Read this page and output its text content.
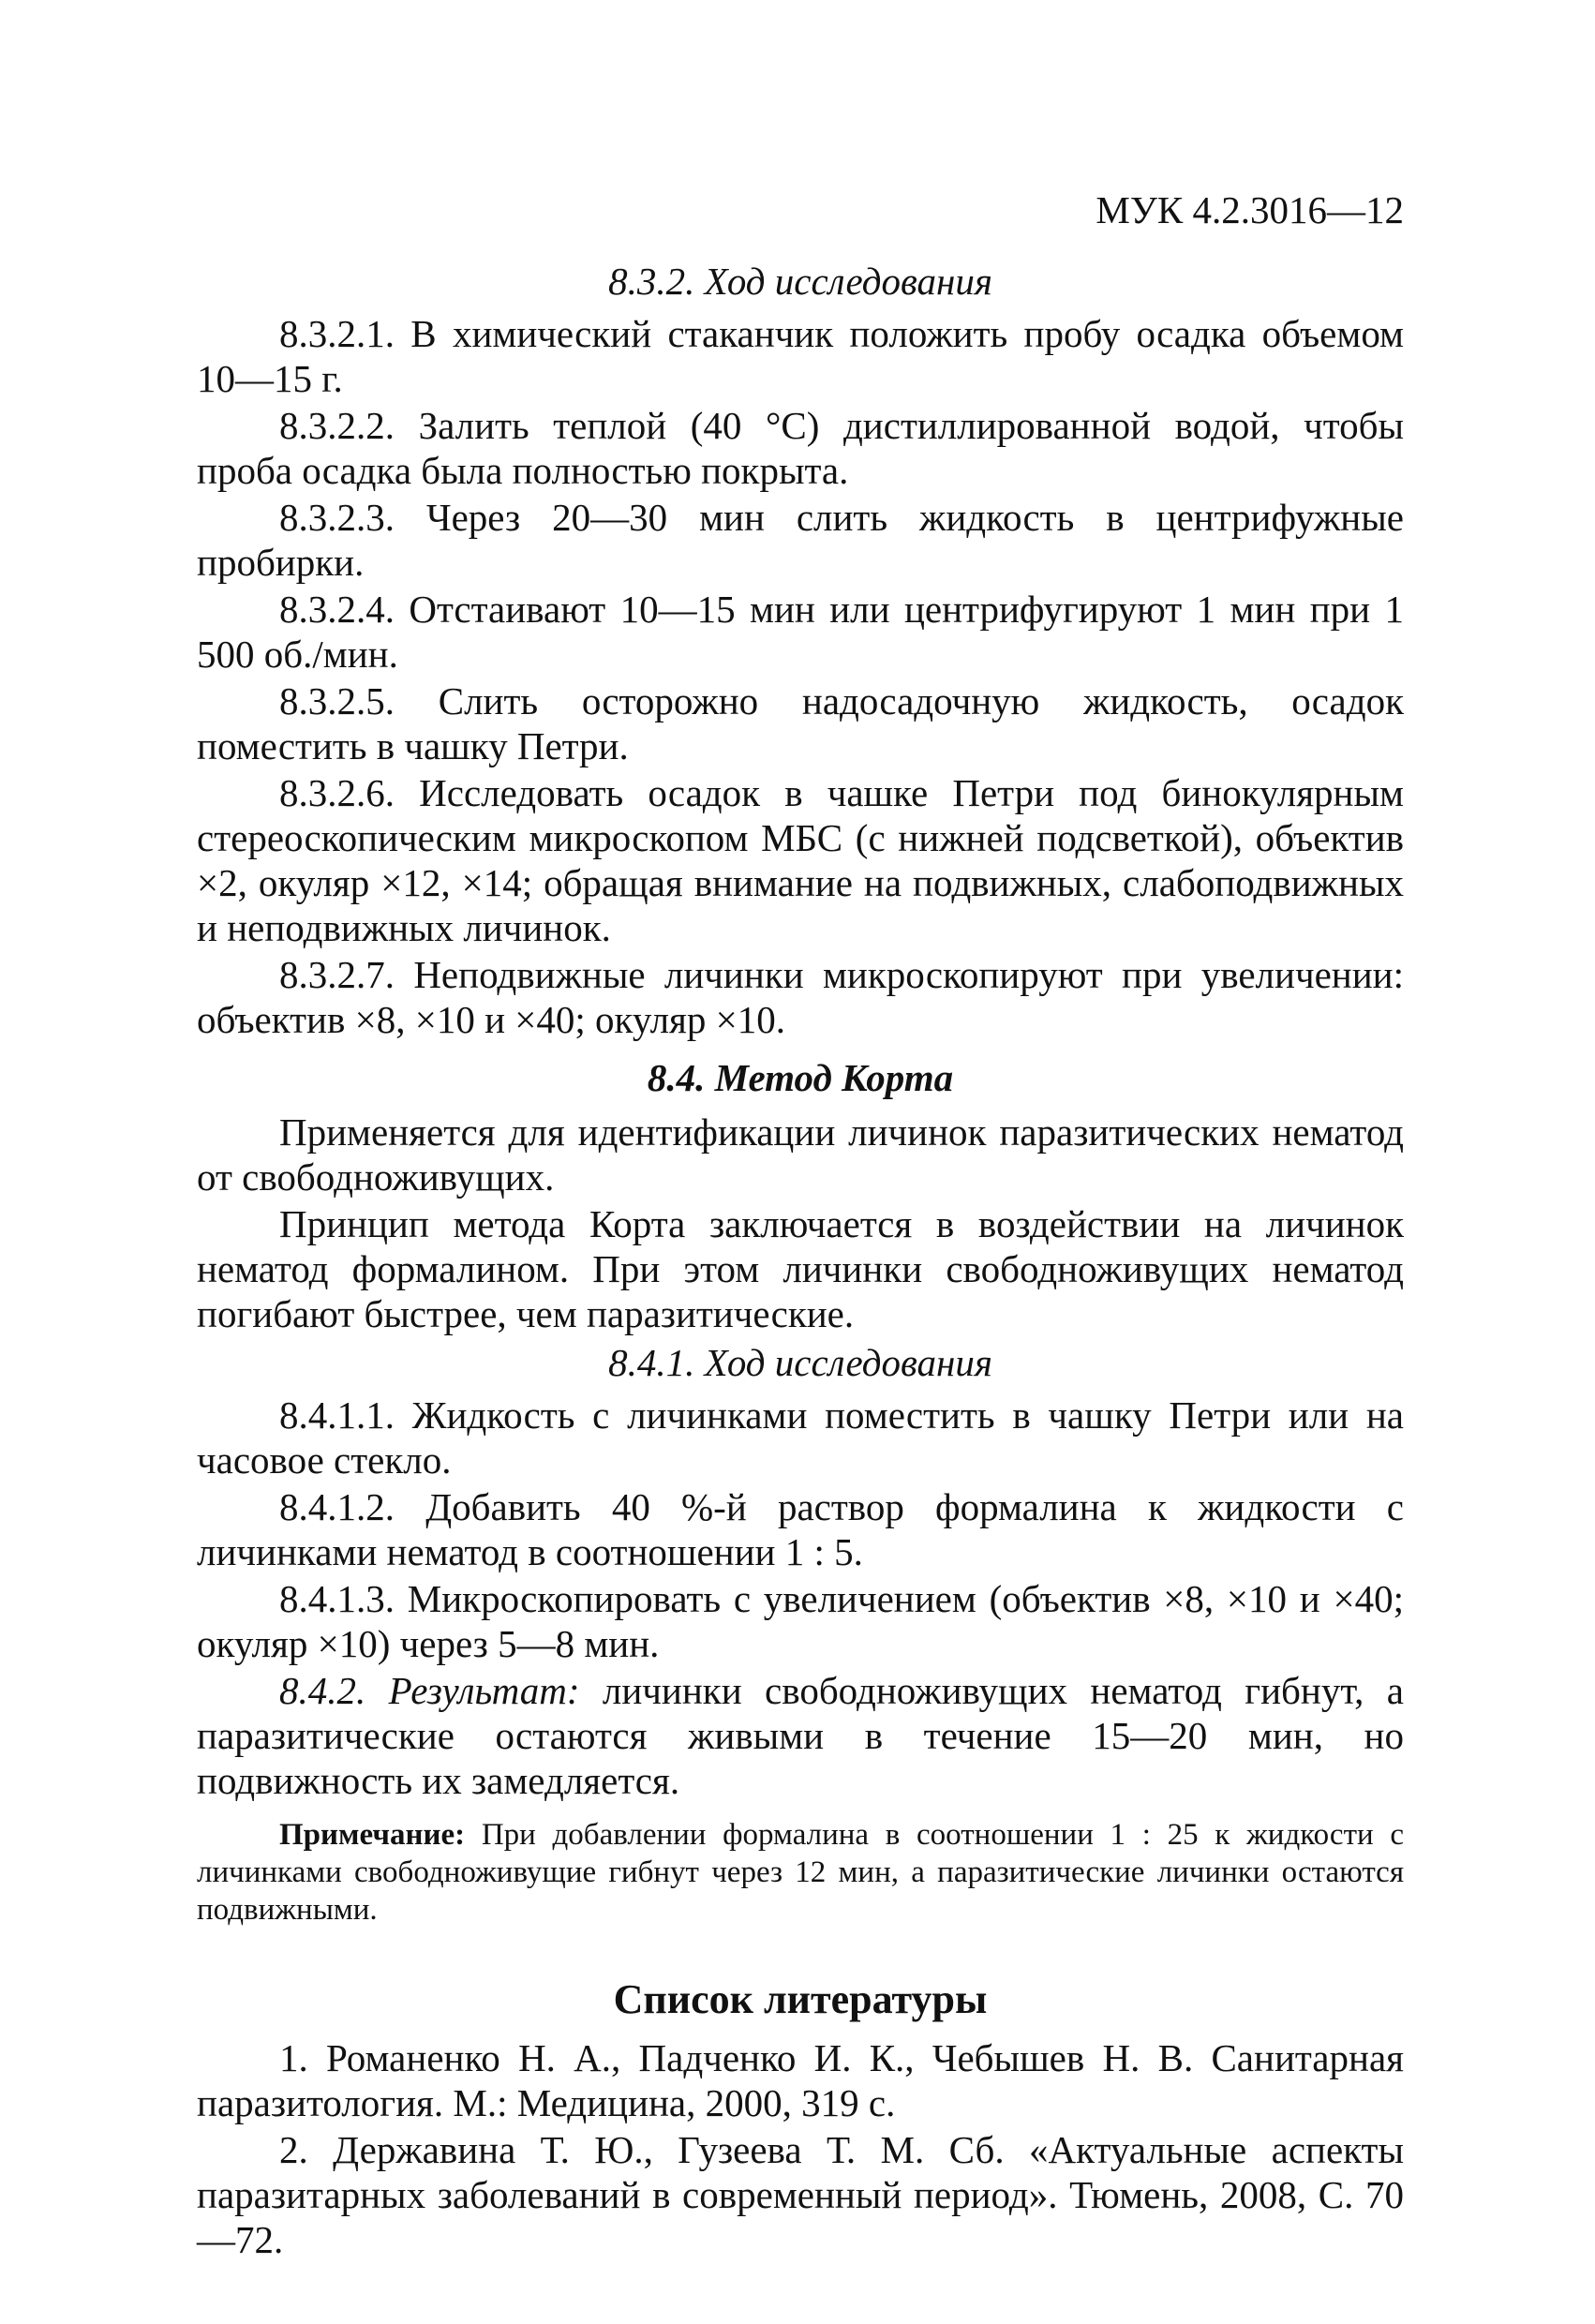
МУК 4.2.3016—12
8.3.2. Ход исследования

8.3.2.1. В химический стаканчик положить пробу осадка объемом 10—15 г.

8.3.2.2. Залить теплой (40 °С) дистиллированной водой, чтобы проба осадка была полностью покрыта.

8.3.2.3. Через 20—30 мин слить жидкость в центрифужные пробирки.

8.3.2.4. Отстаивают 10—15 мин или центрифугируют 1 мин при 1 500 об./мин.

8.3.2.5. Слить осторожно надосадочную жидкость, осадок поместить в чашку Петри.

8.3.2.6. Исследовать осадок в чашке Петри под бинокулярным стереоскопическим микроскопом МБС (с нижней подсветкой), объектив ×2, окуляр ×12, ×14; обращая внимание на подвижных, слабоподвижных и неподвижных личинок.

8.3.2.7. Неподвижные личинки микроскопируют при увеличении: объектив ×8, ×10 и ×40; окуляр ×10.

8.4. Метод Корта

Применяется для идентификации личинок паразитических нематод от свободноживущих.

Принцип метода Корта заключается в воздействии на личинок нематод формалином. При этом личинки свободноживущих нематод погибают быстрее, чем паразитические.

8.4.1. Ход исследования

8.4.1.1. Жидкость с личинками поместить в чашку Петри или на часовое стекло.

8.4.1.2. Добавить 40 %-й раствор формалина к жидкости с личинками нематод в соотношении 1 : 5.

8.4.1.3. Микроскопировать с увеличением (объектив ×8, ×10 и ×40; окуляр ×10) через 5—8 мин.

8.4.2. Результат: личинки свободноживущих нематод гибнут, а паразитические остаются живыми в течение 15—20 мин, но подвижность их замедляется.

Примечание: При добавлении формалина в соотношении 1 : 25 к жидкости с личинками свободноживущие гибнут через 12 мин, а паразитические личинки остаются подвижными.

Список литературы

1. Романенко Н. А., Падченко И. К., Чебышев Н. В. Санитарная паразитология. М.: Медицина, 2000, 319 с.

2. Державина Т. Ю., Гузеева Т. М. Сб. «Актуальные аспекты паразитарных заболеваний в современный период». Тюмень, 2008, С. 70—72.
